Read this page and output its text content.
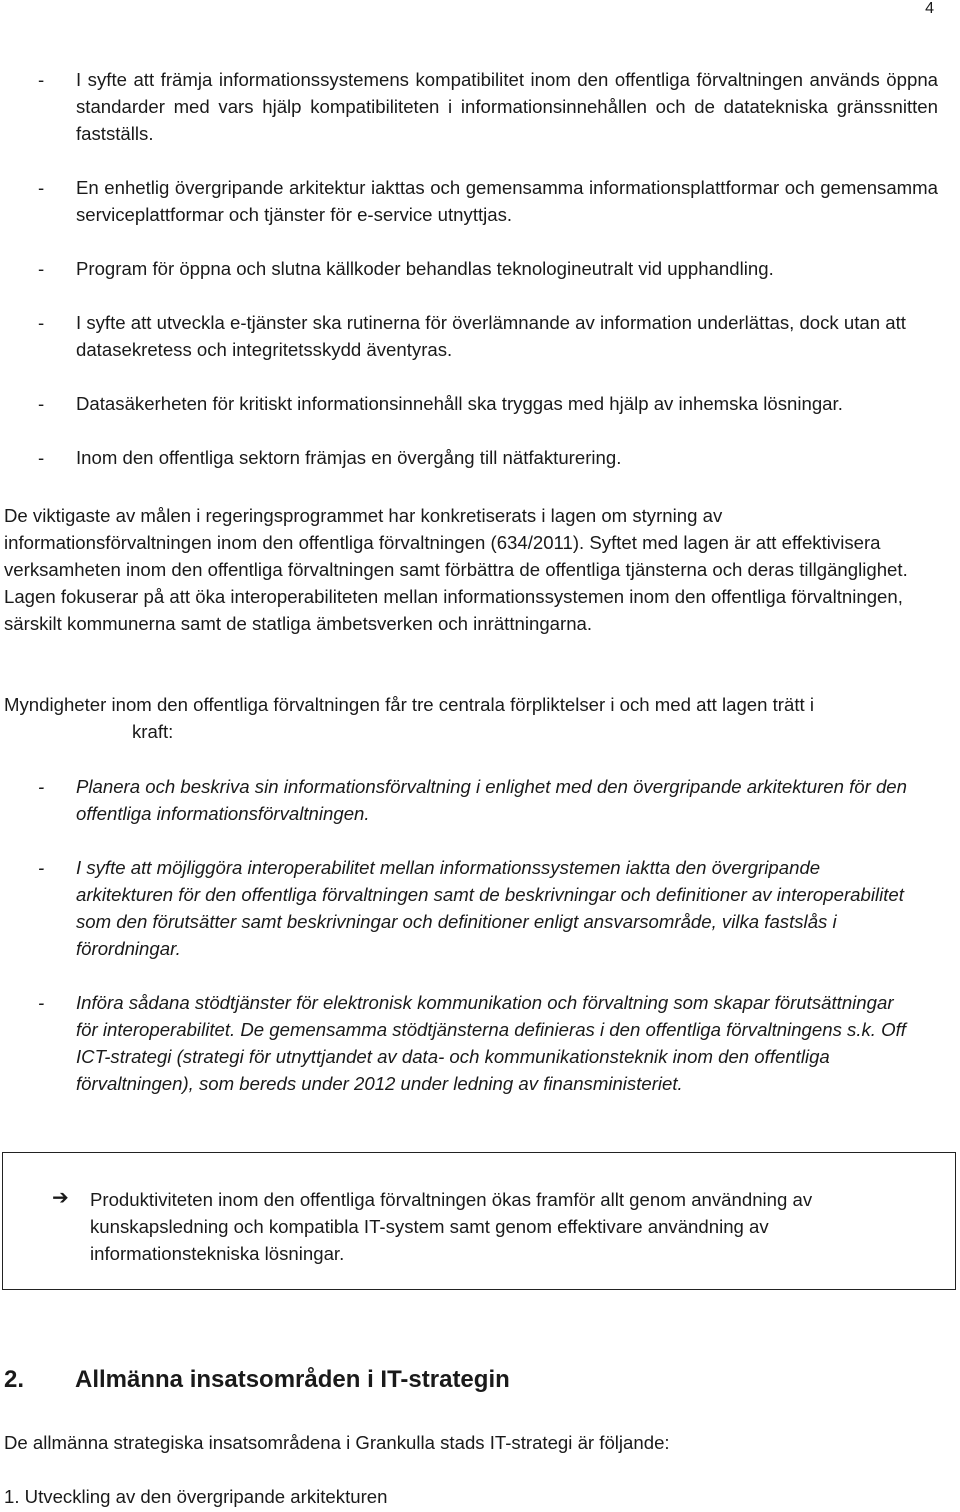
4
- I syfte att främja informationssystemens kompatibilitet inom den offentliga förvaltningen används öppna standarder med vars hjälp kompatibiliteten i informationsinnehållen och de datatekniska gränssnitten fastställs.
- En enhetlig övergripande arkitektur iakttas och gemensamma informationsplattformar och gemensamma serviceplattformar och tjänster för e-service utnyttjas.
- Program för öppna och slutna källkoder behandlas teknologineutralt vid upphandling.
- I syfte att utveckla e-tjänster ska rutinerna för överlämnande av information underlättas, dock utan att datasekretess och integritetsskydd äventyras.
- Datasäkerheten för kritiskt informationsinnehåll ska tryggas med hjälp av inhemska lösningar.
- Inom den offentliga sektorn främjas en övergång till nätfakturering.

De viktigaste av målen i regeringsprogrammet har konkretiserats i lagen om styrning av informationsförvaltningen inom den offentliga förvaltningen (634/2011). Syftet med lagen är att effektivisera verksamheten inom den offentliga förvaltningen samt förbättra de offentliga tjänsterna och deras tillgänglighet. Lagen fokuserar på att öka interoperabiliteten mellan informationssystemen inom den offentliga förvaltningen, särskilt kommunerna samt de statliga ämbetsverken och inrättningarna.

Myndigheter inom den offentliga förvaltningen får tre centrala förpliktelser i och med att lagen trätt i
kraft:

- Planera och beskriva sin informationsförvaltning i enlighet med den övergripande arkitekturen för den offentliga informationsförvaltningen.
- I syfte att möjliggöra interoperabilitet mellan informationssystemen iaktta den övergripande arkitekturen för den offentliga förvaltningen samt de beskrivningar och definitioner av interoperabilitet som den förutsätter samt beskrivningar och definitioner enligt ansvarsområde, vilka fastslås i förordningar.
- Införa sådana stödtjänster för elektronisk kommunikation och förvaltning som skapar förutsättningar för interoperabilitet. De gemensamma stödtjänsterna definieras i den offentliga förvaltningens s.k. Off ICT-strategi (strategi för utnyttjandet av data- och kommunikationsteknik inom den offentliga förvaltningen), som bereds under 2012 under ledning av finansministeriet.
➔ Produktiviteten inom den offentliga förvaltningen ökas framför allt genom användning av kunskapsledning och kompatibla IT-system samt genom effektivare användning av informationstekniska lösningar.
2. Allmänna insatsområden i IT-strategin
De allmänna strategiska insatsområdena i Grankulla stads IT-strategi är följande:
1. Utveckling av den övergripande arkitekturen
